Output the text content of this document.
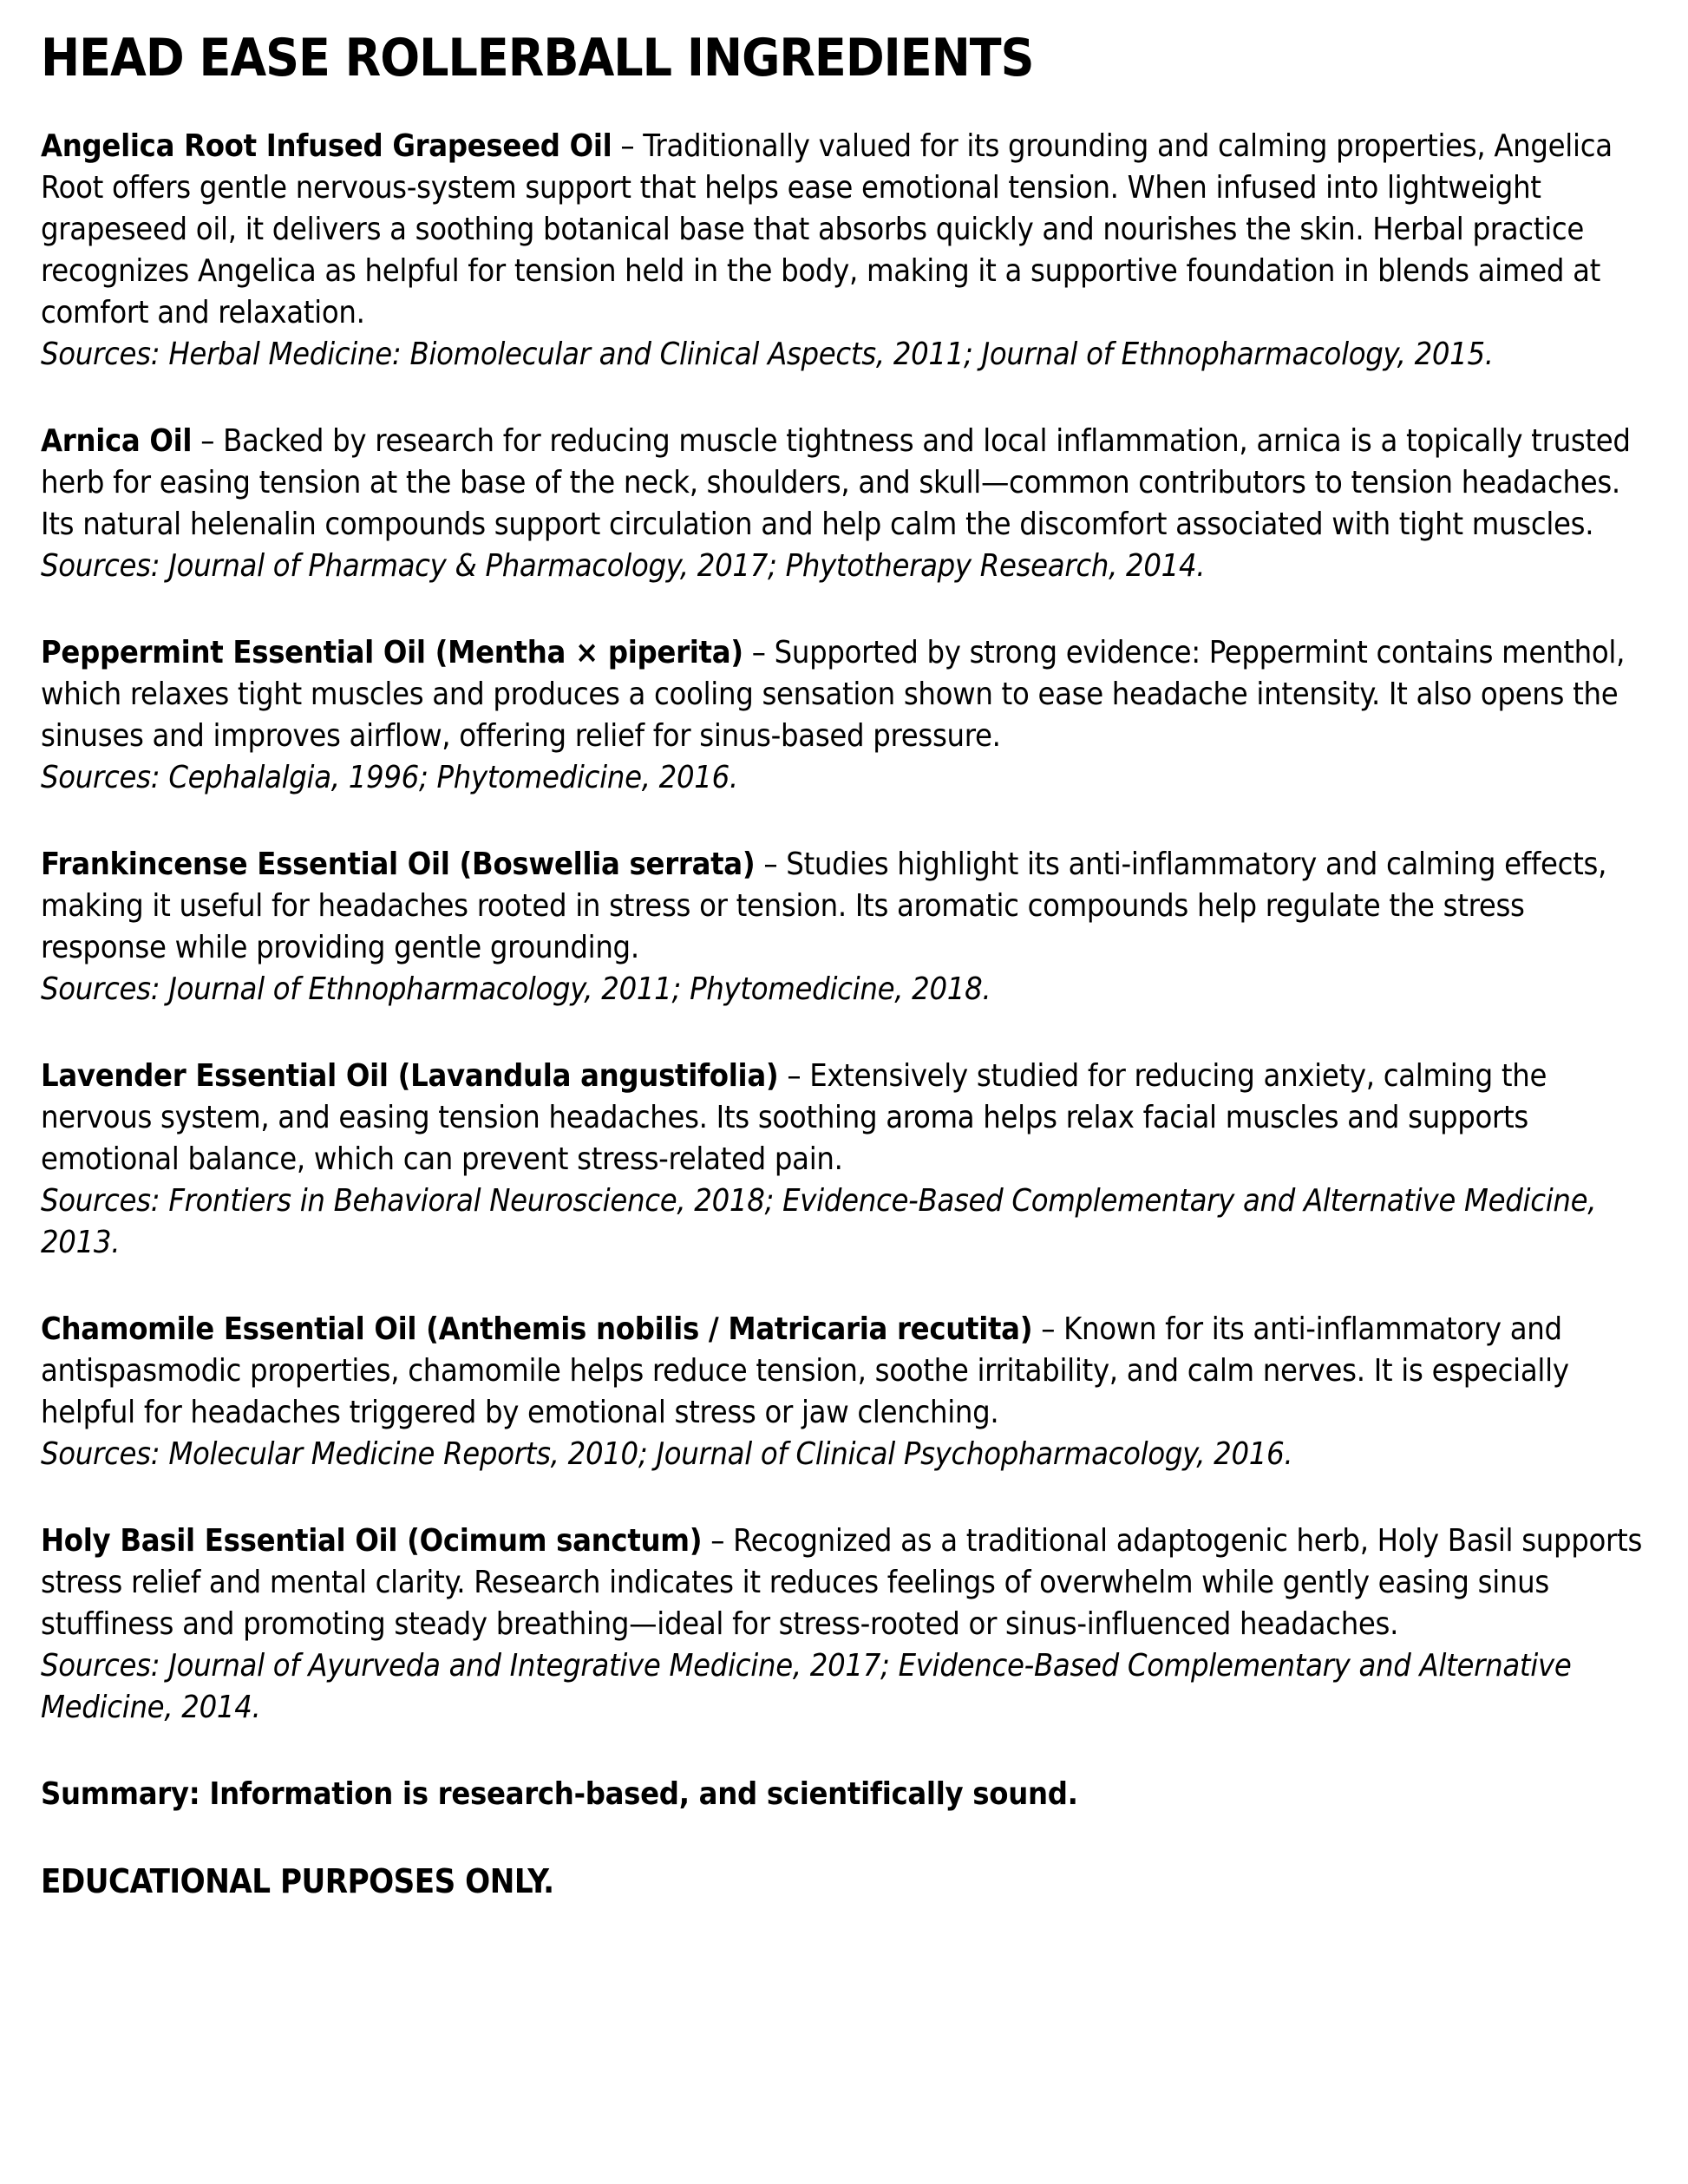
HEAD EASE ROLLERBALL INGREDIENTS

Angelica Root Infused Grapeseed Oil – Traditionally valued for its grounding and calming properties, Angelica Root offers gentle nervous-system support that helps ease emotional tension. When infused into lightweight grapeseed oil, it delivers a soothing botanical base that absorbs quickly and nourishes the skin. Herbal practice recognizes Angelica as helpful for tension held in the body, making it a supportive foundation in blends aimed at comfort and relaxation.

Sources: Herbal Medicine: Biomolecular and Clinical Aspects, 2011; Journal of Ethnopharmacology, 2015.

Arnica Oil – Backed by research for reducing muscle tightness and local inflammation, arnica is a topically trusted herb for easing tension at the base of the neck, shoulders, and skull—common contributors to tension headaches. Its natural helenalin compounds support circulation and help calm the discomfort associated with tight muscles.

Sources: Journal of Pharmacy & Pharmacology, 2017; Phytotherapy Research, 2014.

Peppermint Essential Oil (Mentha × piperita) – Supported by strong evidence: Peppermint contains menthol, which relaxes tight muscles and produces a cooling sensation shown to ease headache intensity. It also opens the sinuses and improves airflow, offering relief for sinus-based pressure.

Sources: Cephalalgia, 1996; Phytomedicine, 2016.

Frankincense Essential Oil (Boswellia serrata) – Studies highlight its anti-inflammatory and calming effects, making it useful for headaches rooted in stress or tension. Its aromatic compounds help regulate the stress response while providing gentle grounding.

Sources: Journal of Ethnopharmacology, 2011; Phytomedicine, 2018.

Lavender Essential Oil (Lavandula angustifolia) – Extensively studied for reducing anxiety, calming the nervous system, and easing tension headaches. Its soothing aroma helps relax facial muscles and supports emotional balance, which can prevent stress-related pain.

Sources: Frontiers in Behavioral Neuroscience, 2018; Evidence-Based Complementary and Alternative Medicine, 2013.

Chamomile Essential Oil (Anthemis nobilis / Matricaria recutita) – Known for its anti-inflammatory and antispasmodic properties, chamomile helps reduce tension, soothe irritability, and calm nerves. It is especially helpful for headaches triggered by emotional stress or jaw clenching.

Sources: Molecular Medicine Reports, 2010; Journal of Clinical Psychopharmacology, 2016.

Holy Basil Essential Oil (Ocimum sanctum) – Recognized as a traditional adaptogenic herb, Holy Basil supports stress relief and mental clarity. Research indicates it reduces feelings of overwhelm while gently easing sinus stuffiness and promoting steady breathing—ideal for stress-rooted or sinus-influenced headaches.

Sources: Journal of Ayurveda and Integrative Medicine, 2017; Evidence-Based Complementary and Alternative Medicine, 2014.

Summary: Information is research-based, and scientifically sound.

EDUCATIONAL PURPOSES ONLY.
